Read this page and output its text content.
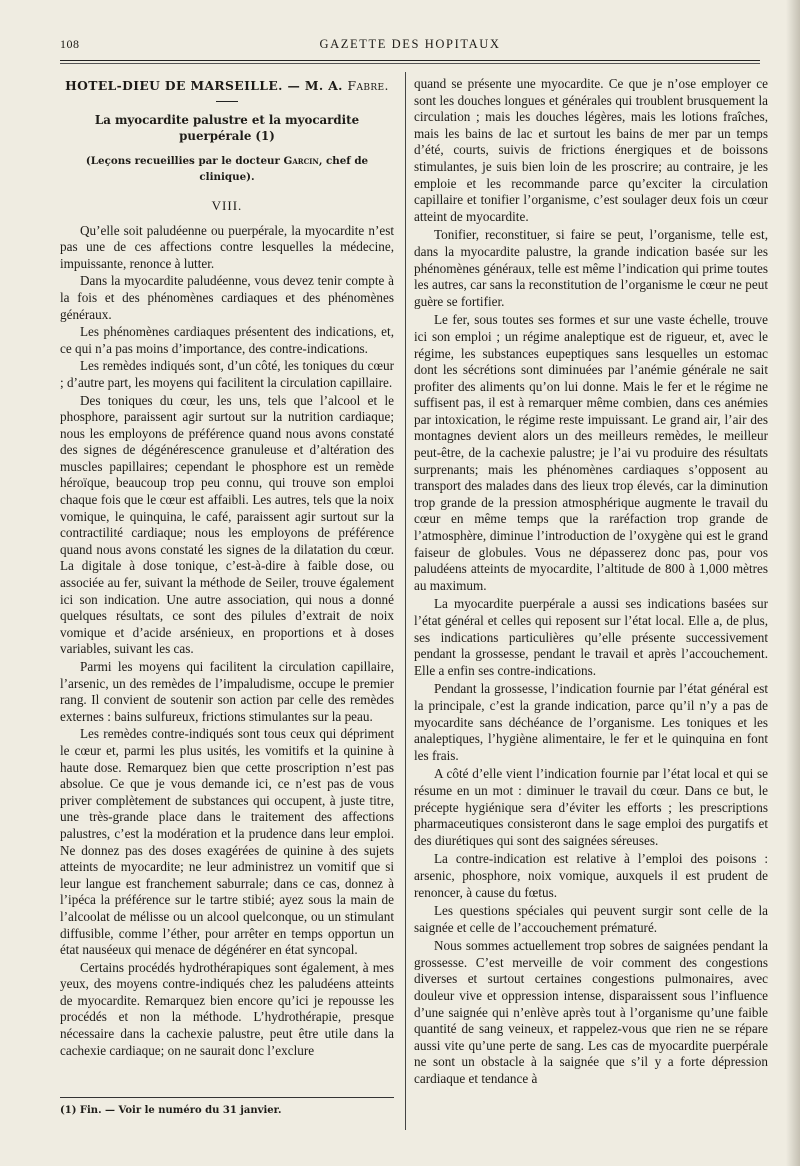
108	GAZETTE DES HOPITAUX
HOTEL-DIEU DE MARSEILLE. — M. A. Fabre.
La myocardite palustre et la myocardite puerpérale (1)
(Leçons recueillies par le docteur Garcin, chef de clinique).
VIII.

Qu’elle soit paludéenne ou puerpérale, la myocardite n’est pas une de ces affections contre lesquelles la médecine, impuissante, renonce à lutter.

Dans la myocardite paludéenne, vous devez tenir compte à la fois et des phénomènes cardiaques et des phénomènes généraux.

Les phénomènes cardiaques présentent des indications, et, ce qui n’a pas moins d’importance, des contre-indications.

Les remèdes indiqués sont, d’un côté, les toniques du cœur ; d’autre part, les moyens qui facilitent la circulation capillaire.

Des toniques du cœur, les uns, tels que l’alcool et le phosphore, paraissent agir surtout sur la nutrition cardiaque; nous les employons de préférence quand nous avons constaté des signes de dégénérescence granuleuse et d’altération des muscles papillaires; cependant le phosphore est un remède héroïque, beaucoup trop peu connu, qui trouve son emploi chaque fois que le cœur est affaibli. Les autres, tels que la noix vomique, le quinquina, le café, paraissent agir surtout sur la contractilité cardiaque; nous les employons de préférence quand nous avons constaté les signes de la dilatation du cœur. La digitale à dose tonique, c’est-à-dire à faible dose, ou associée au fer, suivant la méthode de Seiler, trouve également ici son indication. Une autre association, qui nous a donné quelques résultats, ce sont des pilules d’extrait de noix vomique et d’acide arsénieux, en proportions et à doses variables, suivant les cas.

Parmi les moyens qui facilitent la circulation capillaire, l’arsenic, un des remèdes de l’impaludisme, occupe le premier rang. Il convient de soutenir son action par celle des remèdes externes : bains sulfureux, frictions stimulantes sur la peau.

Les remèdes contre-indiqués sont tous ceux qui dépriment le cœur et, parmi les plus usités, les vomitifs et la quinine à haute dose. Remarquez bien que cette proscription n’est pas absolue. Ce que je vous demande ici, ce n’est pas de vous priver complètement de substances qui occupent, à juste titre, une très-grande place dans le traitement des affections palustres, c’est la modération et la prudence dans leur emploi. Ne donnez pas des doses exagérées de quinine à des sujets atteints de myocardite; ne leur administrez un vomitif que si leur langue est franchement saburrale; dans ce cas, donnez à l’ipéca la préférence sur le tartre stibié; ayez sous la main de l’alcoolat de mélisse ou un alcool quelconque, ou un stimulant diffusible, comme l’éther, pour arrêter en temps opportun un état nauséeux qui menace de dégénérer en état syncopal.

Certains procédés hydrothérapiques sont également, à mes yeux, des moyens contre-indiqués chez les paludéens atteints de myocardite. Remarquez bien encore qu’ici je repousse les procédés et non la méthode. L’hydrothérapie, presque nécessaire dans la cachexie palustre, peut être utile dans la cachexie cardiaque; on ne saurait donc l’exclure

quand se présente une myocardite. Ce que je n’ose employer ce sont les douches longues et générales qui troublent brusquement la circulation ; mais les douches légères, mais les lotions fraîches, mais les bains de lac et surtout les bains de mer par un temps d’été, courts, suivis de frictions énergiques et de boissons stimulantes, je suis bien loin de les proscrire; au contraire, je les emploie et les recommande parce qu’exciter la circulation capillaire et tonifier l’organisme, c’est soulager deux fois un cœur atteint de myocardite.

Tonifier, reconstituer, si faire se peut, l’organisme, telle est, dans la myocardite palustre, la grande indication basée sur les phénomènes généraux, telle est même l’indication qui prime toutes les autres, car sans la reconstitution de l’organisme le cœur ne peut guère se fortifier.

Le fer, sous toutes ses formes et sur une vaste échelle, trouve ici son emploi ; un régime analeptique est de rigueur, et, avec le régime, les substances eupeptiques sans lesquelles un estomac dont les sécrétions sont diminuées par l’anémie générale ne sait profiter des aliments qu’on lui donne. Mais le fer et le régime ne suffisent pas, il est à remarquer même combien, dans ces anémies par intoxication, le régime reste impuissant. Le grand air, l’air des montagnes devient alors un des meilleurs remèdes, le meilleur peut-être, de la cachexie palustre; je l’ai vu produire des résultats surprenants; mais les phénomènes cardiaques s’opposent au transport des malades dans des lieux trop élevés, car la diminution trop grande de la pression atmosphérique augmente le travail du cœur en même temps que la raréfaction trop grande de l’atmosphère, diminue l’introduction de l’oxygène qui est le grand faiseur de globules. Vous ne dépasserez donc pas, pour vos paludéens atteints de myocardite, l’altitude de 800 à 1,000 mètres au maximum.

La myocardite puerpérale a aussi ses indications basées sur l’état général et celles qui reposent sur l’état local. Elle a, de plus, ses indications particulières qu’elle présente successivement pendant la grossesse, pendant le travail et après l’accouchement. Elle a enfin ses contre-indications.

Pendant la grossesse, l’indication fournie par l’état général est la principale, c’est la grande indication, parce qu’il n’y a pas de myocardite sans déchéance de l’organisme. Les toniques et les analeptiques, l’hygiène alimentaire, le fer et le quinquina en font les frais.

A côté d’elle vient l’indication fournie par l’état local et qui se résume en un mot : diminuer le travail du cœur. Dans ce but, le précepte hygiénique sera d’éviter les efforts ; les prescriptions pharmaceutiques consisteront dans le sage emploi des purgatifs et des diurétiques qui sont des saignées séreuses.

La contre-indication est relative à l’emploi des poisons : arsenic, phosphore, noix vomique, auxquels il est prudent de renoncer, à cause du fœtus.

Les questions spéciales qui peuvent surgir sont celle de la saignée et celle de l’accouchement prématuré.

Nous sommes actuellement trop sobres de saignées pendant la grossesse. C’est merveille de voir comment des congestions diverses et surtout certaines congestions pulmonaires, avec douleur vive et oppression intense, disparaissent sous l’influence d’une saignée qui n’enlève après tout à l’organisme qu’une faible quantité de sang veineux, et rappelez-vous que rien ne se répare aussi vite qu’une perte de sang. Les cas de myocardite puerpérale ne sont un obstacle à la saignée que s’il y a forte dépression cardiaque et tendance à

(1) Fin. — Voir le numéro du 31 janvier.
